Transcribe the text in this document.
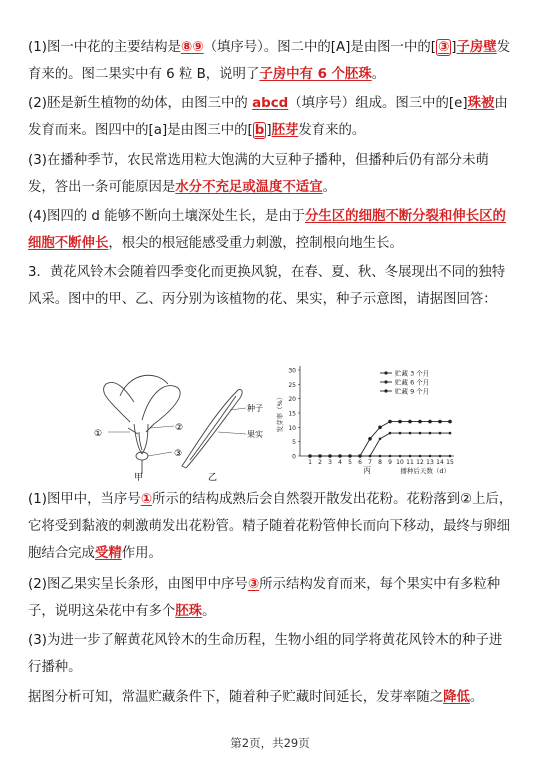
(1)图一中花的主要结构是⑧⑨（填序号）。图二中的[A]是由图一中的[ ③ ]子房壁发育来的。图二果实中有 6 粒 B，说明了子房中有 6 个胚珠。

(2)胚是新生植物的幼体，由图三中的 abcd（填序号）组成。图三中的[e]珠被由发育而来。图四中的[a]是由图三中的[ b ]胚芽发育来的。

(3)在播种季节，农民常选用粒大饱满的大豆种子播种，但播种后仍有部分未萌发，答出一条可能原因是水分不充足或温度不适宜。

(4)图四的 d 能够不断向土壤深处生长，是由于分生区的细胞不断分裂和伸长区的细胞不断伸长，根尖的根冠能感受重力刺激，控制根向地生长。

3．黄花风铃木会随着四季变化而更换风貌，在春、夏、秋、冬展现出不同的独特风采。图中的甲、乙、丙分别为该植物的花、果实，种子示意图，请据图回答：

①
②
③
甲
种子
果实
乙
0
5
10
15
20
25
30
1 2 3 4 5 6 7 8 9 10 11 12 13 14 15
发芽率（%）
播种后天数（d）
丙
贮藏 3 个月
贮藏 6 个月
贮藏 9 个月

(1)图甲中，当序号①所示的结构成熟后会自然裂开散发出花粉。花粉落到②上后，它将受到黏液的刺激萌发出花粉管。精子随着花粉管伸长而向下移动，最终与卵细胞结合完成受精作用。

(2)图乙果实呈长条形，由图甲中序号③所示结构发育而来，每个果实中有多粒种子，说明这朵花中有多个胚珠。

(3)为进一步了解黄花风铃木的生命历程，生物小组的同学将黄花风铃木的种子进行播种。

据图分析可知，常温贮藏条件下，随着种子贮藏时间延长，发芽率随之降低。

第2页，共29页
